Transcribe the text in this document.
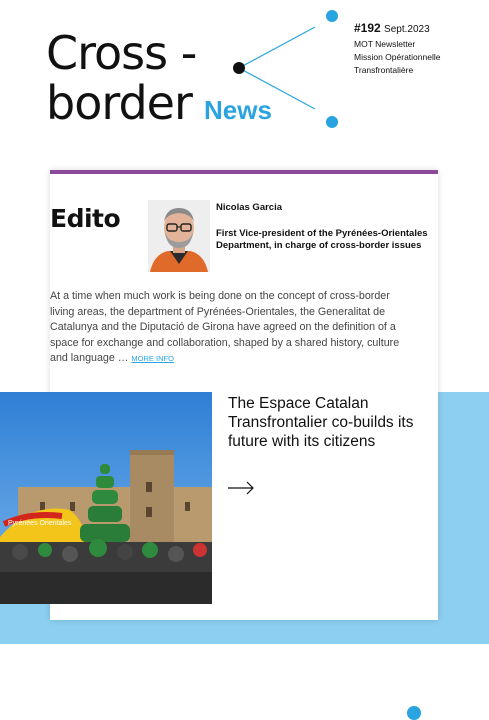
Cross -
border News
#192 Sept.2023
MOT Newsletter
Mission Opérationnelle
Transfrontalière
Edito	Nicolas Garcia
First Vice-president of the Pyrénées-Orientales Department, in charge of cross-border issues
At a time when much work is being done on the concept of cross-border living areas, the department of Pyrénées-Orientales, the Generalitat de Catalunya and the Diputació de Girona have agreed on the definition of a space for exchange and collaboration, shaped by a shared history, culture and language … MORE INFO
Pyrénées Orientales
The Espace Catalan Transfrontalier co-builds its future with its citizens
